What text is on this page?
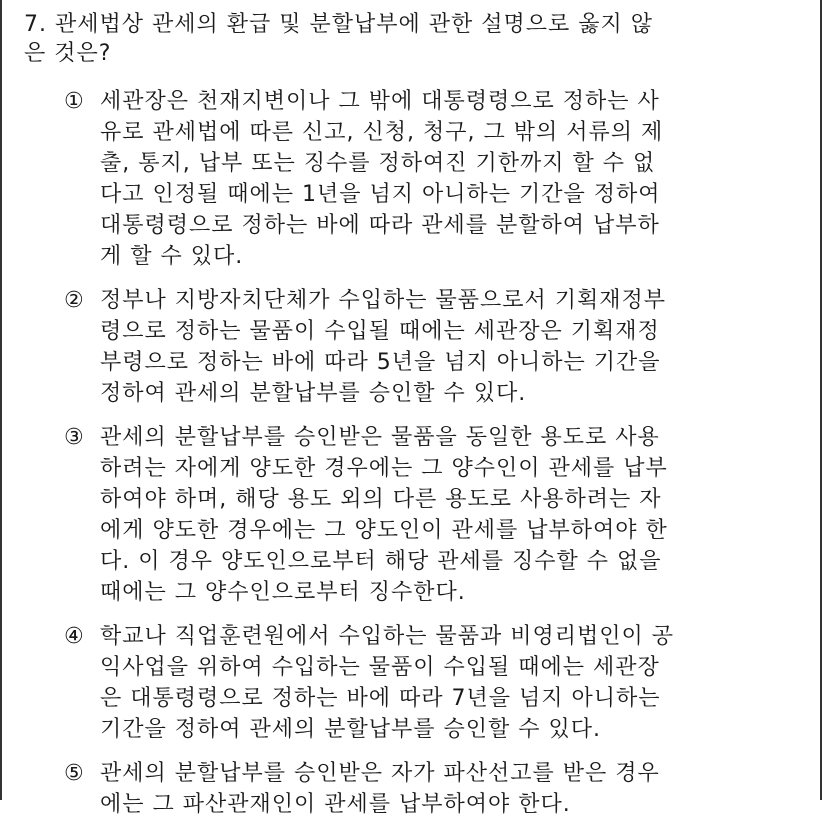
7. 관세법상 관세의 환급 및 분할납부에 관한 설명으로 옳지 않
은 것은?
① 세관장은 천재지변이나 그 밖에 대통령령으로 정하는 사
유로 관세법에 따른 신고, 신청, 청구, 그 밖의 서류의 제
출, 통지, 납부 또는 징수를 정하여진 기한까지 할 수 없
다고 인정될 때에는 1년을 넘지 아니하는 기간을 정하여
대통령령으로 정하는 바에 따라 관세를 분할하여 납부하
게 할 수 있다.
② 정부나 지방자치단체가 수입하는 물품으로서 기획재정부
령으로 정하는 물품이 수입될 때에는 세관장은 기획재정
부령으로 정하는 바에 따라 5년을 넘지 아니하는 기간을
정하여 관세의 분할납부를 승인할 수 있다.
③ 관세의 분할납부를 승인받은 물품을 동일한 용도로 사용
하려는 자에게 양도한 경우에는 그 양수인이 관세를 납부
하여야 하며, 해당 용도 외의 다른 용도로 사용하려는 자
에게 양도한 경우에는 그 양도인이 관세를 납부하여야 한
다. 이 경우 양도인으로부터 해당 관세를 징수할 수 없을
때에는 그 양수인으로부터 징수한다.
④ 학교나 직업훈련원에서 수입하는 물품과 비영리법인이 공
익사업을 위하여 수입하는 물품이 수입될 때에는 세관장
은 대통령령으로 정하는 바에 따라 7년을 넘지 아니하는
기간을 정하여 관세의 분할납부를 승인할 수 있다.
⑤ 관세의 분할납부를 승인받은 자가 파산선고를 받은 경우
에는 그 파산관재인이 관세를 납부하여야 한다.
